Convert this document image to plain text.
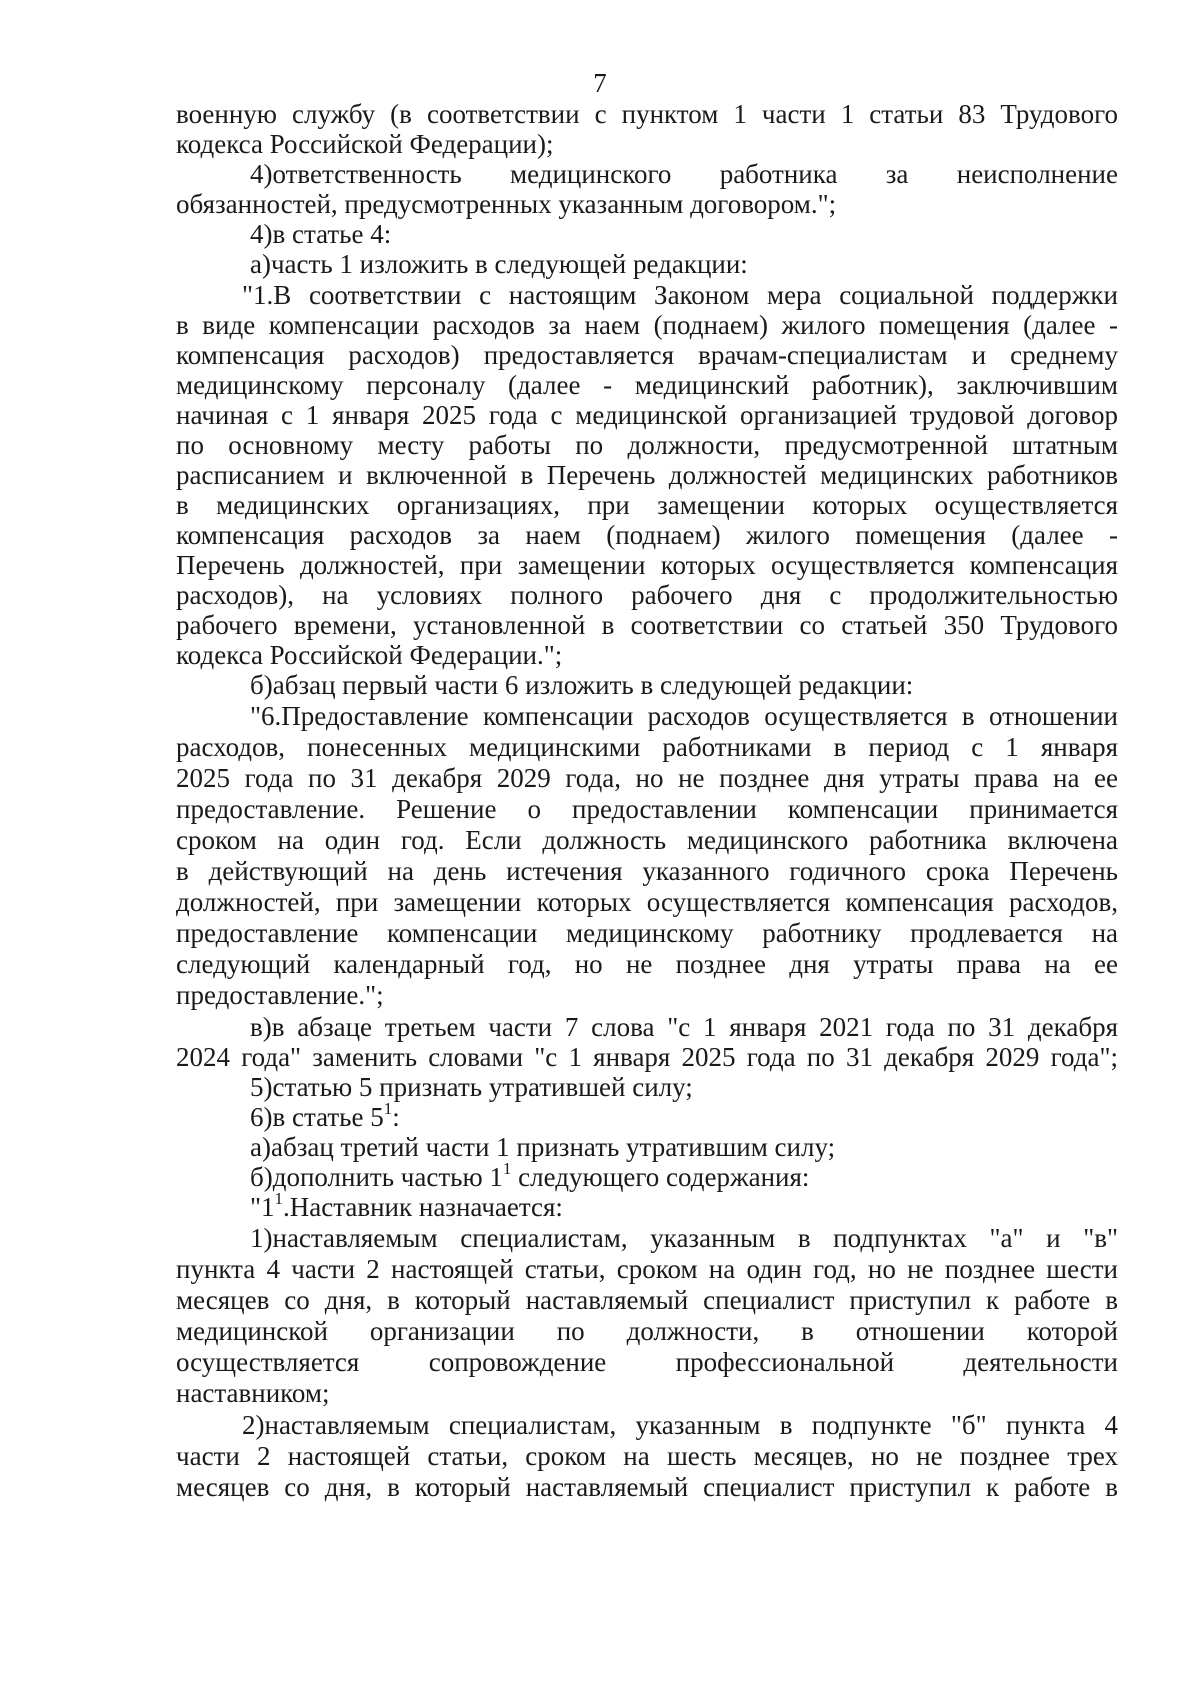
7
военную службу (в соответствии с пунктом 1 части 1 статьи 83 Трудового
кодекса Российской Федерации);
4)ответственность медицинского работника за неисполнение
обязанностей, предусмотренных указанным договором.";
4)в статье 4:
а)часть 1 изложить в следующей редакции:
"1.В соответствии с настоящим Законом мера социальной поддержки
в виде компенсации расходов за наем (поднаем) жилого помещения (далее -
компенсация расходов) предоставляется врачам-специалистам и среднему
медицинскому персоналу (далее - медицинский работник), заключившим
начиная с 1 января 2025 года с медицинской организацией трудовой договор
по основному месту работы по должности, предусмотренной штатным
расписанием и включенной в Перечень должностей медицинских работников
в медицинских организациях, при замещении которых осуществляется
компенсация расходов за наем (поднаем) жилого помещения (далее -
Перечень должностей, при замещении которых осуществляется компенсация
расходов), на условиях полного рабочего дня с продолжительностью
рабочего времени, установленной в соответствии со статьей 350 Трудового
кодекса Российской Федерации.";
б)абзац первый части 6 изложить в следующей редакции:
"6.Предоставление компенсации расходов осуществляется в отношении
расходов, понесенных медицинскими работниками в период с 1 января
2025 года по 31 декабря 2029 года, но не позднее дня утраты права на ее
предоставление. Решение о предоставлении компенсации принимается
сроком на один год. Если должность медицинского работника включена
в действующий на день истечения указанного годичного срока Перечень
должностей, при замещении которых осуществляется компенсация расходов,
предоставление компенсации медицинскому работнику продлевается на
следующий календарный год, но не позднее дня утраты права на ее
предоставление.";
в)в абзаце третьем части 7 слова "с 1 января 2021 года по 31 декабря
2024 года" заменить словами "с 1 января 2025 года по 31 декабря 2029 года";
5)статью 5 признать утратившей силу;
6)в статье $5^1$:
а)абзац третий части 1 признать утратившим силу;
б)дополнить частью $1^1$ следующего содержания:
"$1^1.Наставник$ назначается:
1)наставляемым специалистам, указанным в подпунктах "а" и "в"
пункта 4 части 2 настоящей статьи, сроком на один год, но не позднее шести
месяцев со дня, в который наставляемый специалист приступил к работе в
медицинской организации по должности, в отношении которой
осуществляется сопровождение профессиональной деятельности
наставником;
2)наставляемым специалистам, указанным в подпункте "б" пункта 4
части 2 настоящей статьи, сроком на шесть месяцев, но не позднее трех
месяцев со дня, в который наставляемый специалист приступил к работе в
